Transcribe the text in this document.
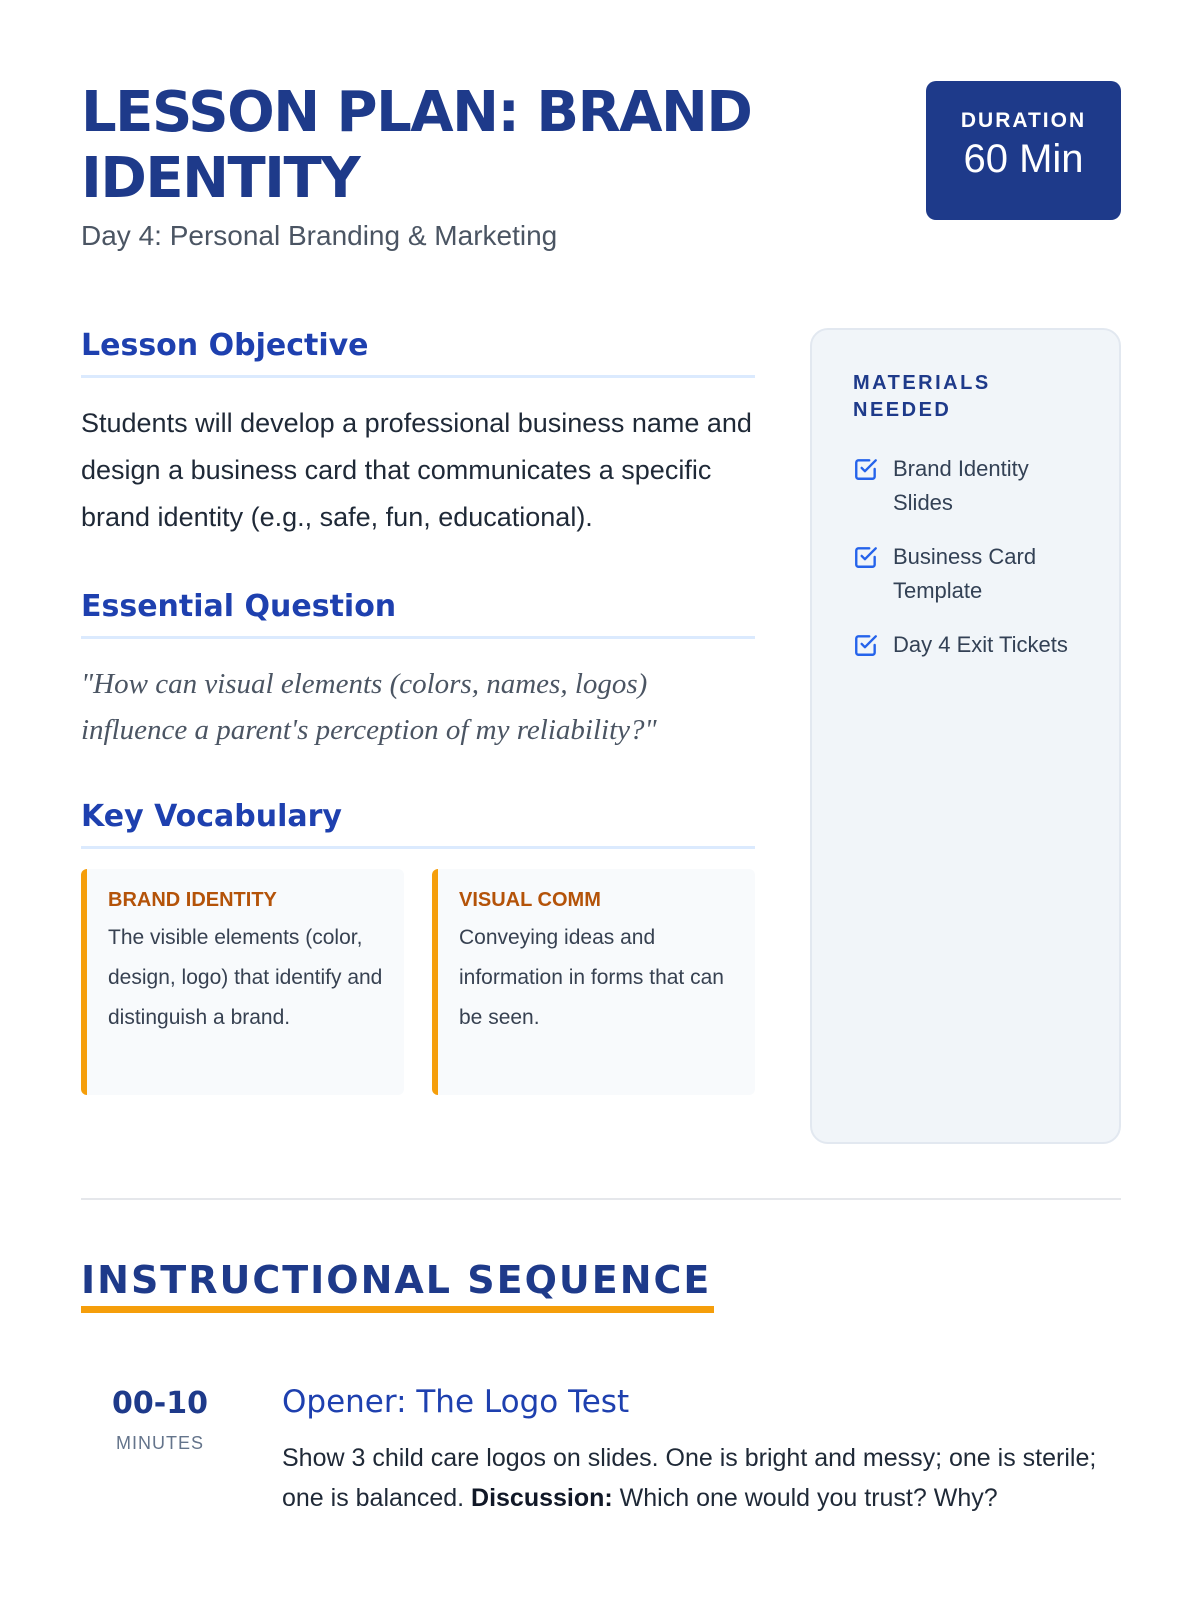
LESSON PLAN: BRAND IDENTITY
Day 4: Personal Branding & Marketing
DURATION
60 Min
Lesson Objective

Students will develop a professional business name and design a business card that communicates a specific brand identity (e.g., safe, fun, educational).

Essential Question

"How can visual elements (colors, names, logos) influence a parent's perception of my reliability?"

Key Vocabulary
BRAND IDENTITY
The visible elements (color, design, logo) that identify and distinguish a brand.
VISUAL COMM
Conveying ideas and information in forms that can be seen.
MATERIALS NEEDED
Brand Identity Slides
Business Card Template
Day 4 Exit Tickets
INSTRUCTIONAL SEQUENCE
00-10
MINUTES
Opener: The Logo Test

Show 3 child care logos on slides. One is bright and messy; one is sterile; one is balanced. Discussion: Which one would you trust? Why?
